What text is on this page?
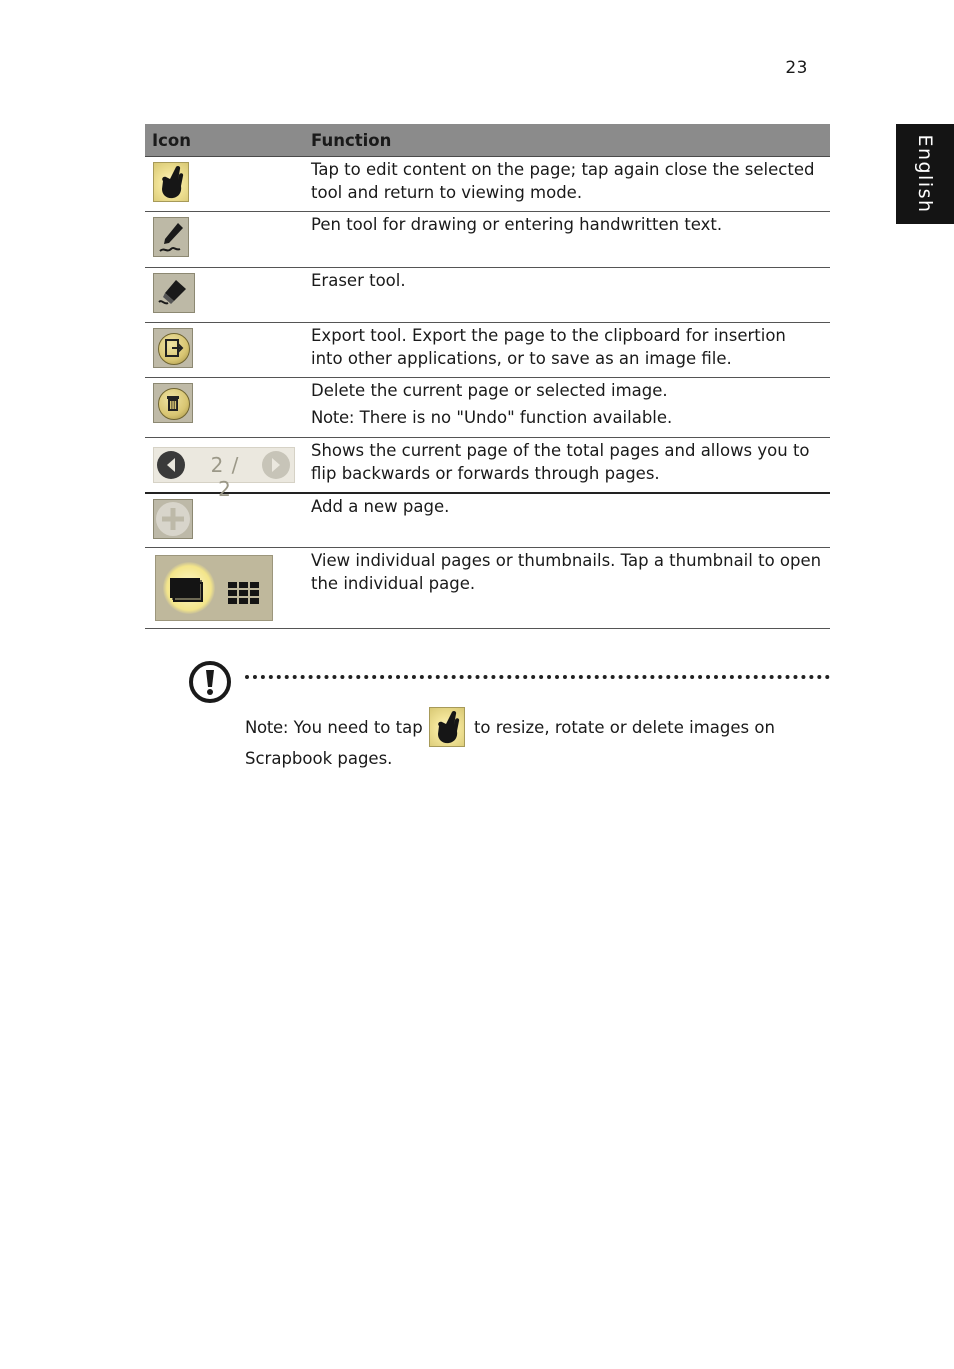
23
English
Icon	Function

	Tap to edit content on the page; tap again close the selected tool and return to viewing mode.

	Pen tool for drawing or entering handwritten text.

	Eraser tool.

	Export tool. Export the page to the clipboard for insertion into other applications, or to save as an image file.

Delete the current page or selected image.
Note: There is no "Undo" function available.

2 / 2	Shows the current page of the total pages and allows you to flip backwards or forwards through pages.

	Add a new page.

	View individual pages or thumbnails. Tap a thumbnail to open the individual page.
Note: You need to tap	to resize, rotate or delete images on Scrapbook pages.
